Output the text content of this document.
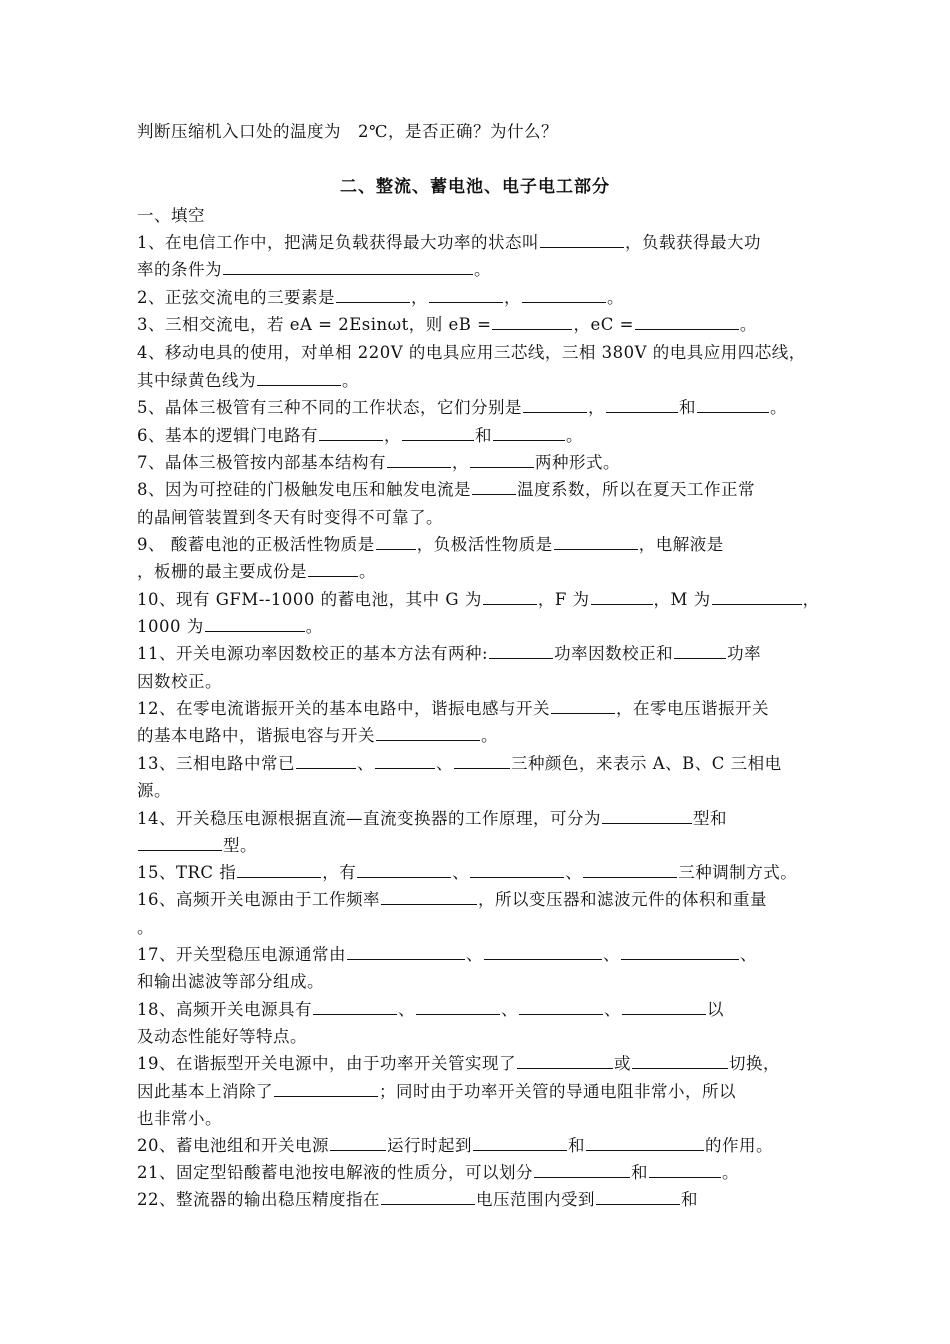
判断压缩机入口处的温度为　2℃，是否正确？为什么？
二、整流、蓄电池、电子电工部分
一、填空
1、在电信工作中，把满足负载获得最大功率的状态叫	，负载获得最大功
率的条件为	。
2、正弦交流电的三要素是	，	，	。
3、三相交流电，若 eA = 2Esinωt，则 eB =	，eC =	。
4、移动电具的使用，对单相 220V 的电具应用三芯线，三相 380V 的电具应用四芯线，
其中绿黄色线为	。
5、晶体三极管有三种不同的工作状态，它们分别是	，	和	。
6、基本的逻辑门电路有	，	和	。
7、晶体三极管按内部基本结构有	，	两种形式。
8、因为可控硅的门极触发电压和触发电流是	温度系数，所以在夏天工作正常
的晶闸管装置到冬天有时变得不可靠了。
9、 酸蓄电池的正极活性物质是	，负极活性物质是	，电解液是
，板栅的最主要成份是	。
10、现有 GFM--1000 的蓄电池，其中 G 为	，F 为	，M 为	，
1000 为	。
11、开关电源功率因数校正的基本方法有两种:	功率因数校正和	功率
因数校正。
12、在零电流谐振开关的基本电路中，谐振电感与开关	，在零电压谐振开关
的基本电路中，谐振电容与开关	。
13、三相电路中常已	、	、	三种颜色，来表示 A、B、C 三相电
源。
14、开关稳压电源根据直流—直流变换器的工作原理，可分为	型和
型。
15、TRC 指	，有	、	、	三种调制方式。
16、高频开关电源由于工作频率	，所以变压器和滤波元件的体积和重量
。
17、开关型稳压电源通常由	、	、	、
和输出滤波等部分组成。
18、高频开关电源具有	、	、	、	以
及动态性能好等特点。
19、在谐振型开关电源中，由于功率开关管实现了	或	切换，
因此基本上消除了	；同时由于功率开关管的导通电阻非常小，所以
也非常小。
20、蓄电池组和开关电源	运行时起到	和	的作用。
21、固定型铅酸蓄电池按电解液的性质分，可以划分	和	。
22、整流器的输出稳压精度指在	电压范围内受到	和
